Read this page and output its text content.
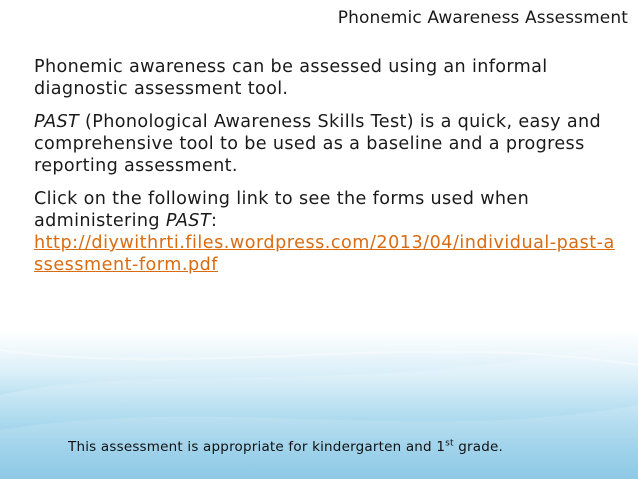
Phonemic Awareness Assessment

Phonemic awareness can be assessed using an informal diagnostic assessment tool.

PAST (Phonological Awareness Skills Test) is a quick, easy and comprehensive tool to be used as a baseline and a progress reporting assessment.

Click on the following link to see the forms used when administering PAST:

http://diywithrti.files.wordpress.com/2013/04/individual-past-assessment-form.pdf

This assessment is appropriate for kindergarten and 1st grade.
